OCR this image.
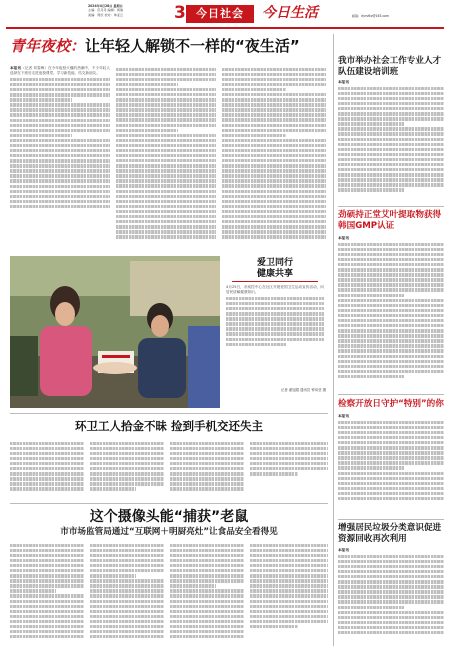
2024年4月28日 星期日
主编：范丹丹 编辑：周瑜
美编：周辰 校对：单亚云	3 今日社会	今日生活	邮箱：dyrsfkz@163.com
青年夜校：让年轻人解锁不一样的“夜生活”
本报讯（记者 刘春梅）在今年夜校火爆的热潮中，不少年轻人选择在下班后走进夜校课堂，学习新技能、结交新朋友。
爱卫同行
健康共享
4月25日，市疾控中心在社区开展爱国卫生运动宣传活动，向居民讲解健康知识。
记者 翟旭超 通讯员 钟凤莹 摄
环卫工人拾金不昧 捡到手机交还失主
这个摄像头能“捕获”老鼠
市市场监管局通过“互联网＋明厨亮灶”让食品安全看得见
我市举办社会工作专业人才队伍建设培训班
本报讯
劲硕持正堂艾叶提取物获得韩国GMP认证
本报讯
检察开放日守护“特别”的你
本报讯
增强居民垃圾分类意识促进资源回收再次利用
本报讯
